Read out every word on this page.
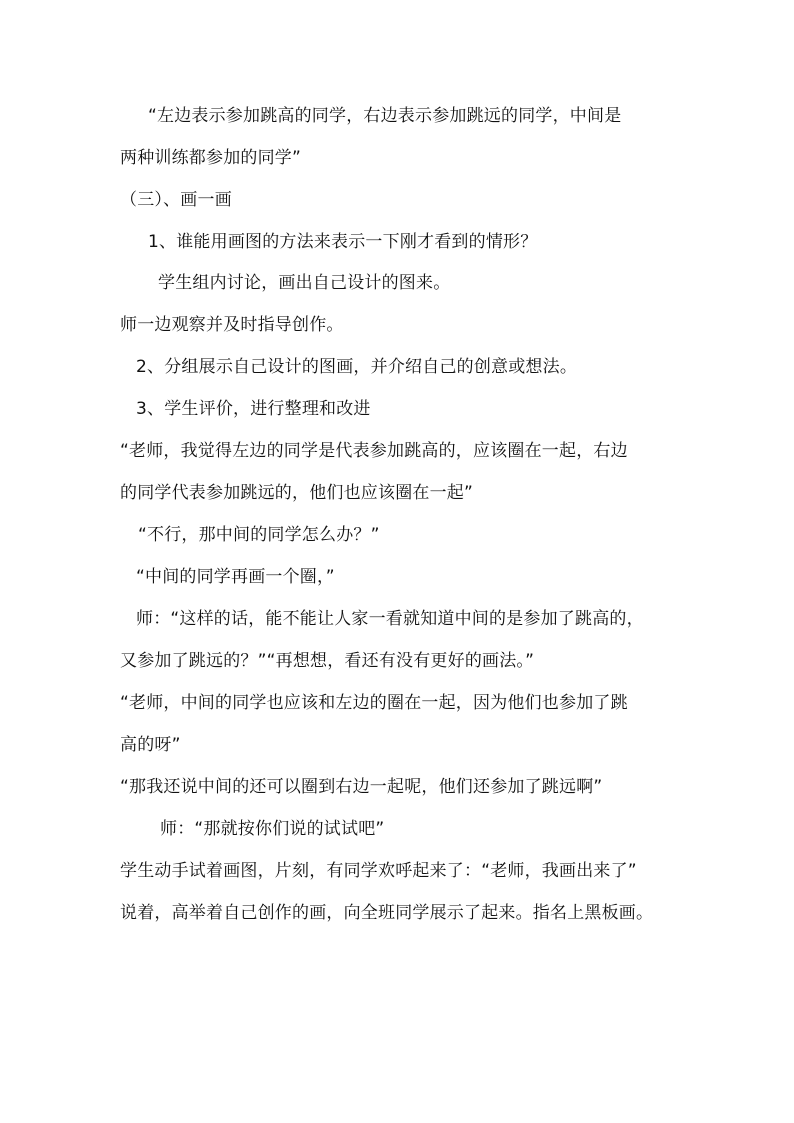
“左边表示参加跳高的同学，右边表示参加跳远的同学，中间是
两种训练都参加的同学”
（三）、画一画
1、谁能用画图的方法来表示一下刚才看到的情形？
学生组内讨论，画出自己设计的图来。
师一边观察并及时指导创作。
2、分组展示自己设计的图画，并介绍自己的创意或想法。
3、学生评价，进行整理和改进
“老师，我觉得左边的同学是代表参加跳高的，应该圈在一起，右边
的同学代表参加跳远的，他们也应该圈在一起”
“不行，那中间的同学怎么办？”
“中间的同学再画一个圈，”
师：“这样的话，能不能让人家一看就知道中间的是参加了跳高的，
又参加了跳远的？”“再想想，看还有没有更好的画法。”
“老师，中间的同学也应该和左边的圈在一起，因为他们也参加了跳
高的呀”
“那我还说中间的还可以圈到右边一起呢，他们还参加了跳远啊”
师：“那就按你们说的试试吧”
学生动手试着画图，片刻，有同学欢呼起来了：“老师，我画出来了”
说着，高举着自己创作的画，向全班同学展示了起来。指名上黑板画。
